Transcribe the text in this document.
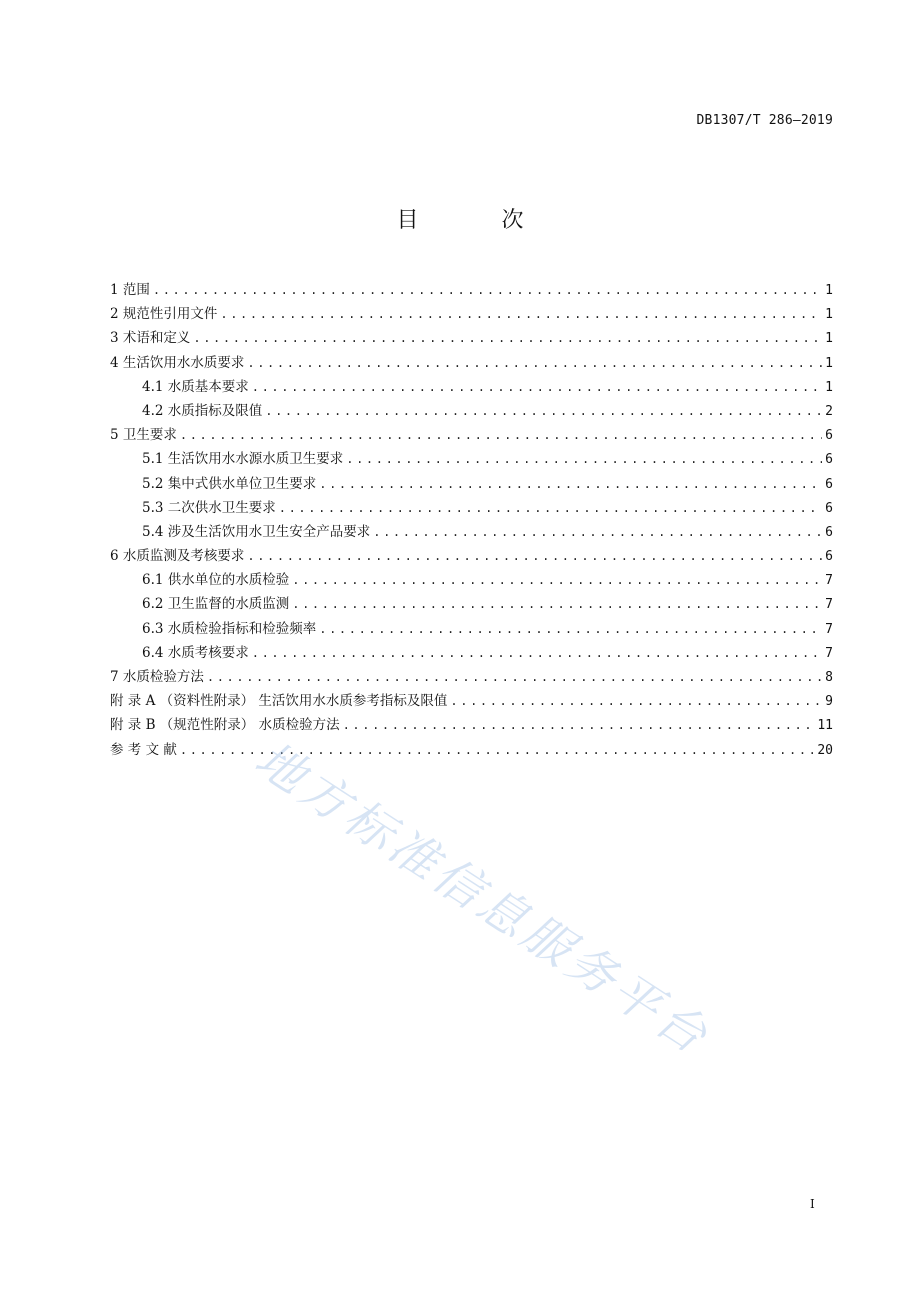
DB1307/T 286—2019
目 次
1 范围 .....	1
2 规范性引用文件 .....	1
3 术语和定义 .....	1
4 生活饮用水水质要求 .....	1
4.1 水质基本要求 .....	1
4.2 水质指标及限值 .....	2
5 卫生要求 .....	6
5.1 生活饮用水水源水质卫生要求 .....	6
5.2 集中式供水单位卫生要求 .....	6
5.3 二次供水卫生要求 .....	6
5.4 涉及生活饮用水卫生安全产品要求 .....	6
6 水质监测及考核要求 .....	6
6.1 供水单位的水质检验 .....	7
6.2 卫生监督的水质监测 .....	7
6.3 水质检验指标和检验频率 .....	7
6.4 水质考核要求 .....	7
7 水质检验方法 .....	8
附 录 A （资料性附录） 生活饮用水水质参考指标及限值 .....	9
附 录 B （规范性附录） 水质检验方法 .....	11
参 考 文 献 .....	20
地方标准信息服务平台
I
